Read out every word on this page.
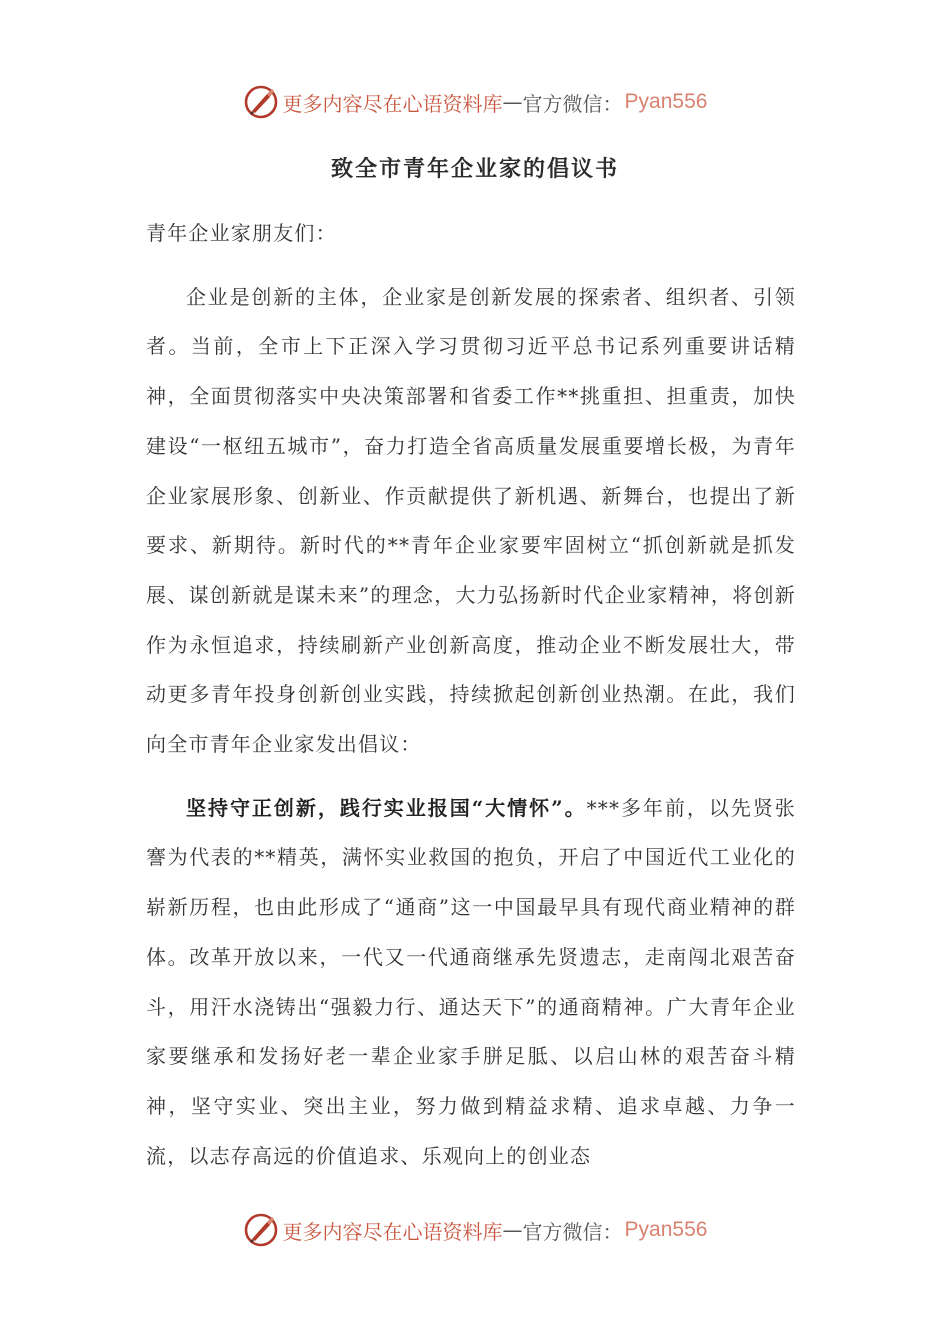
更多内容尽在心语资料库 — 官方微信： Pyan556
致全市青年企业家的倡议书

青年企业家朋友们：

企业是创新的主体，企业家是创新发展的探索者、组织者、引领者。当前，全市上下正深入学习贯彻习近平总书记系列重要讲话精神，全面贯彻落实中央决策部署和省委工作**挑重担、担重责，加快建设“一枢纽五城市”，奋力打造全省高质量发展重要增长极，为青年企业家展形象、创新业、作贡献提供了新机遇、新舞台，也提出了新要求、新期待。新时代的**青年企业家要牢固树立“抓创新就是抓发展、谋创新就是谋未来”的理念，大力弘扬新时代企业家精神，将创新作为永恒追求，持续刷新产业创新高度，推动企业不断发展壮大，带动更多青年投身创新创业实践，持续掀起创新创业热潮。在此，我们向全市青年企业家发出倡议：

坚持守正创新，践行实业报国“大情怀”。***多年前，以先贤张謇为代表的**精英，满怀实业救国的抱负，开启了中国近代工业化的崭新历程，也由此形成了“通商”这一中国最早具有现代商业精神的群体。改革开放以来，一代又一代通商继承先贤遗志，走南闯北艰苦奋斗，用汗水浇铸出“强毅力行、通达天下”的通商精神。广大青年企业家要继承和发扬好老一辈企业家手胼足胝、以启山林的艰苦奋斗精神，坚守实业、突出主业，努力做到精益求精、追求卓越、力争一流，以志存高远的价值追求、乐观向上的创业态

更多内容尽在心语资料库 — 官方微信： Pyan556
